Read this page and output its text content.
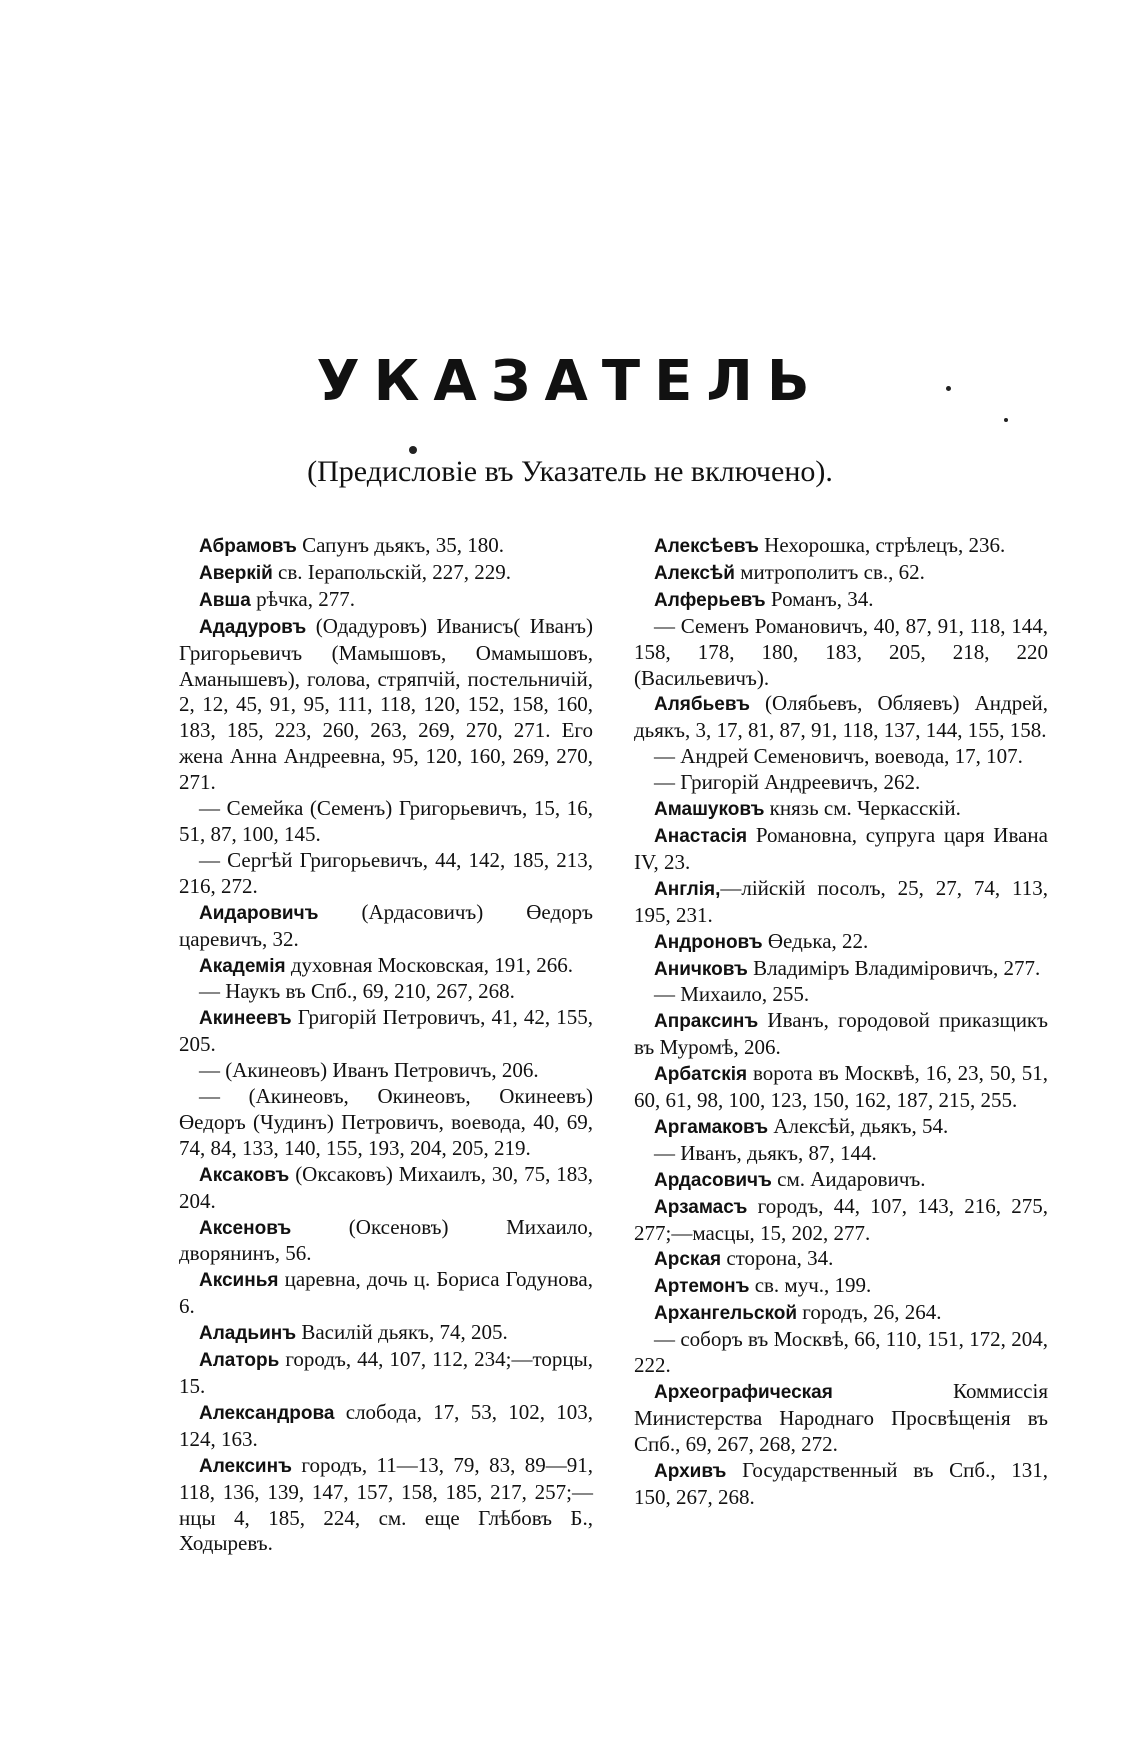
УКАЗАТЕЛЬ
(Предисловіе въ Указатель не включено).

Абрамовъ Сапунъ дьякъ, 35, 180.

Аверкій св. Іерапольскій, 227, 229.

Авша рѣчка, 277.

Ададуровъ (Одадуровъ) Иванисъ( Иванъ) Григорьевичъ (Мамышовъ, Омамышовъ, Аманышевъ), голова, стряпчій, постельничій, 2, 12, 45, 91, 95, 111, 118, 120, 152, 158, 160, 183, 185, 223, 260, 263, 269, 270, 271. Его жена Анна Андреевна, 95, 120, 160, 269, 270, 271.

— Семейка (Семенъ) Григорьевичъ, 15, 16, 51, 87, 100, 145.

— Сергѣй Григорьевичъ, 44, 142, 185, 213, 216, 272.

Аидаровичъ (Ардасовичъ) Өедоръ царевичъ, 32.

Академія духовная Московская, 191, 266.

— Наукъ въ Спб., 69, 210, 267, 268.

Акинеевъ Григорій Петровичъ, 41, 42, 155, 205.

— (Акинеовъ) Иванъ Петровичъ, 206.

— (Акинеовъ, Окинеовъ, Окинеевъ) Өедоръ (Чудинъ) Петровичъ, воевода, 40, 69, 74, 84, 133, 140, 155, 193, 204, 205, 219.

Аксаковъ (Оксаковъ) Михаилъ, 30, 75, 183, 204.

Аксеновъ (Оксеновъ) Михаило, дворянинъ, 56.

Аксинья царевна, дочь ц. Бориса Годунова, 6.

Аладьинъ Василій дьякъ, 74, 205.

Алаторь городъ, 44, 107, 112, 234;—торцы, 15.

Александрова слобода, 17, 53, 102, 103, 124, 163.

Алексинъ городъ, 11—13, 79, 83, 89—91, 118, 136, 139, 147, 157, 158, 185, 217, 257;—нцы 4, 185, 224, см. еще Глѣбовъ Б., Ходыревъ.

Алексѣевъ Нехорошка, стрѣлецъ, 236.

Алексѣй митрополитъ св., 62.

Алферьевъ Романъ, 34.

— Семенъ Романовичъ, 40, 87, 91, 118, 144, 158, 178, 180, 183, 205, 218, 220 (Васильевичъ).

Алябьевъ (Олябьевъ, Обляевъ) Андрей, дьякъ, 3, 17, 81, 87, 91, 118, 137, 144, 155, 158.

— Андрей Семеновичъ, воевода, 17, 107.

— Григорій Андреевичъ, 262.

Амашуковъ князь см. Черкасскій.

Анастасія Романовна, супруга царя Ивана IV, 23.

Англія,—лійскій посолъ, 25, 27, 74, 113, 195, 231.

Андроновъ Өедька, 22.

Аничковъ Владиміръ Владиміровичъ, 277.

— Михаило, 255.

Апраксинъ Иванъ, городовой приказщикъ въ Муромѣ, 206.

Арбатскія ворота въ Москвѣ, 16, 23, 50, 51, 60, 61, 98, 100, 123, 150, 162, 187, 215, 255.

Аргамаковъ Алексѣй, дьякъ, 54.

— Иванъ, дьякъ, 87, 144.

Ардасовичъ см. Аидаровичъ.

Арзамасъ городъ, 44, 107, 143, 216, 275, 277;—масцы, 15, 202, 277.

Арская сторона, 34.

Артемонъ св. муч., 199.

Архангельской городъ, 26, 264.

— соборъ въ Москвѣ, 66, 110, 151, 172, 204, 222.

Археографическая Коммиссія Министерства Народнаго Просвѣщенія въ Спб., 69, 267, 268, 272.

Архивъ Государственный въ Спб., 131, 150, 267, 268.
